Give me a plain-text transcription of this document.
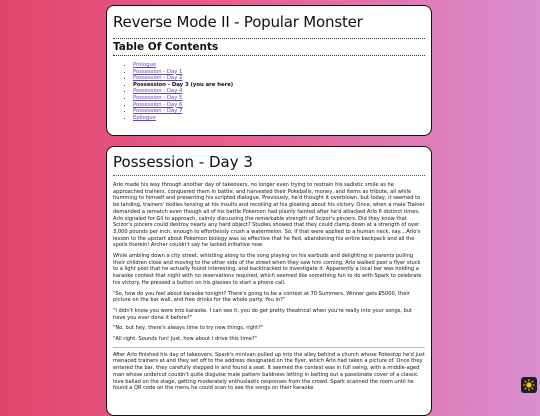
Reverse Mode II - Popular Monster
Table Of Contents
• Prologue
• Possession - Day 1
• Possession - Day 2
• Possession - Day 3 (you are here)
• Possession - Day 4
• Possession - Day 5
• Possession - Day 6
• Possession - Day 7
• Epilogue
Possession - Day 3

Arlo made his way through another day of takeovers, no longer even trying to restrain his sadistic smile as he approached trainers, conquered them in battle, and harvested their Pokeballs, money, and items as tribute, all while humming to himself and presenting his scripted dialogue. Previously, he'd thought it overblown, but today, it seemed to be landing, trainers' bodies tensing at his insults and recoiling at his gloating about his victory. Once, when a male Trainer demanded a rematch even though all of his battle Pokemon had plainly fainted after he'd attacked Arlo 6 distinct times, Arlo signaled for Gil to approach, calmly discussing the remarkable strength of Scizor's pincers. Did they know that Scizor's pincers could destroy nearly any hard object? Studies showed that they could clamp down at a strength of over 3,000 pounds per inch, enough to effortlessly crush a watermelon. So, if that were applied to a human neck, say....Arlo's lesson to the upstart about Pokemon biology was so effective that he fled, abandoning his entire backpack and all the spoils therein! Archer couldn't say he lacked initiative now.

While ambling down a city street, whistling along to the song playing on his earbuds and delighting in parents pulling their children close and moving to the other side of the street when they saw him coming, Arlo walked past a flyer stuck to a light post that he actually found interesting, and backtracked to investigate it. Apparently a local bar was holding a karaoke contest that night with no reservations required, which seemed like something fun to do with Spark to celebrate his victory. He pressed a button on his glasses to start a phone call.

"So, how do you feel about karaoke tonight? There's going to be a contest at 70 Summers. Winner gets ₽5000, their picture on the bar wall, and free drinks for the whole party. You in?"

"I didn't know you were into karaoke. I can see it, you do get pretty theatrical when you're really into your songs, but have you ever done it before?"

"No, but hey, there's always time to try new things, right?"

"All right. Sounds fun! Just, how about I drive this time?"

After Arlo finished his day of takeovers, Spark's minivan pulled up into the alley behind a church whose Pokestop he'd just menaced trainers at and they set off to the address designated on the flyer, which Arlo had taken a picture of. Once they entered the bar, they carefully stepped in and found a seat. It seemed the contest was in full swing, with a middle-aged man whose undercut couldn't quite disguise male pattern baldness letting in belting out a passionate cover of a classic love ballad on the stage, getting moderately enthusiastic responses from the crowd. Spark scanned the room until he found a QR code on the menu he could scan to see the songs on their karaoke
